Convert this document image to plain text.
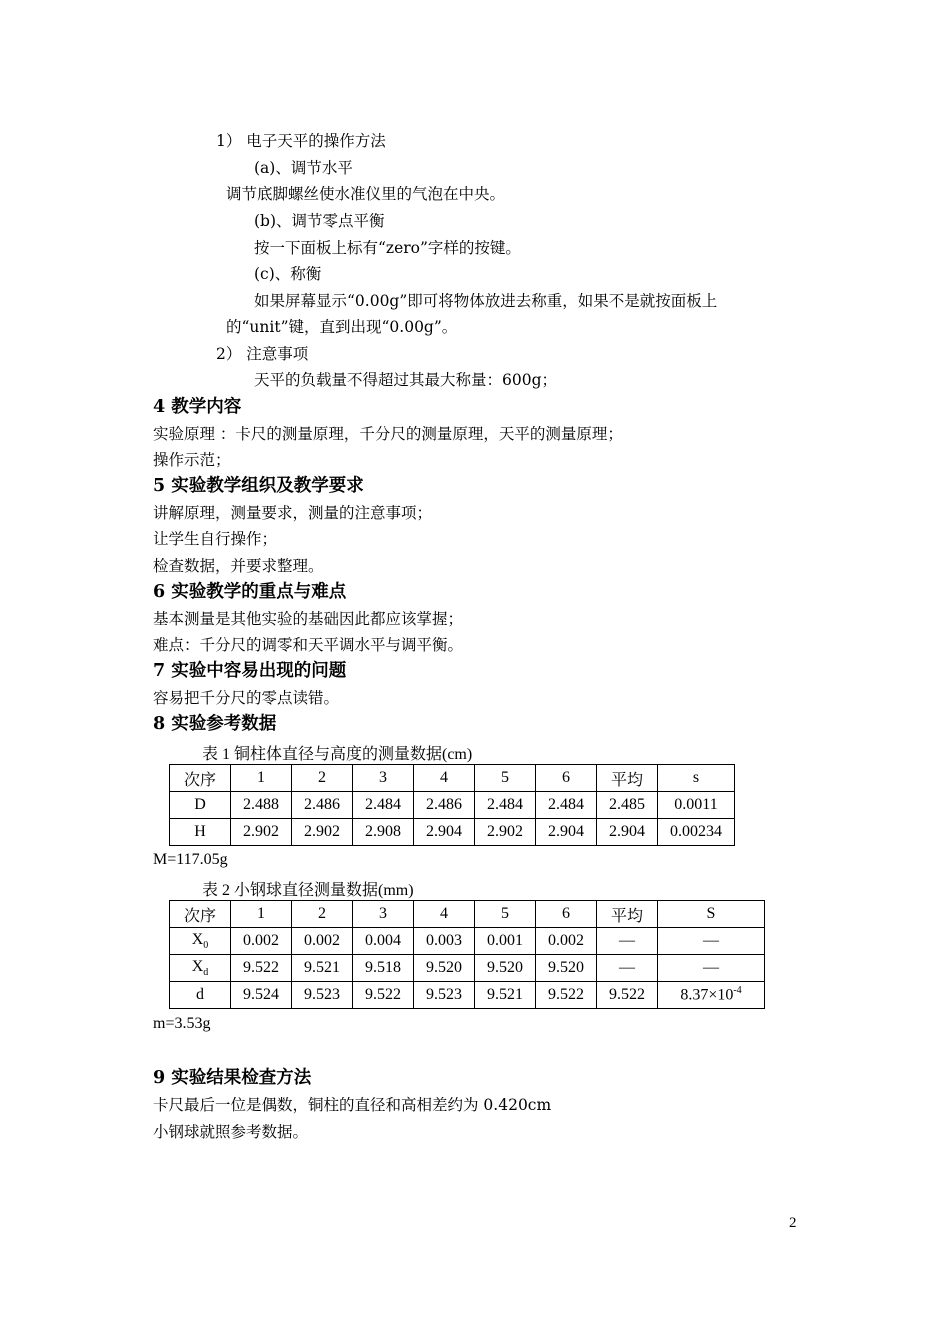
1） 电子天平的操作方法
(a)、调节水平
调节底脚螺丝使水准仪里的气泡在中央。
(b)、调节零点平衡
按一下面板上标有“zero”字样的按键。
(c)、称衡
如果屏幕显示“0.00g”即可将物体放进去称重，如果不是就按面板上
的“unit”键，直到出现“0.00g”。
2） 注意事项
天平的负载量不得超过其最大称量：600g；
4 教学内容
实验原理 ：卡尺的测量原理，千分尺的测量原理，天平的测量原理；
操作示范；
5 实验教学组织及教学要求
讲解原理，测量要求，测量的注意事项；
让学生自行操作；
检查数据，并要求整理。
6 实验教学的重点与难点
基本测量是其他实验的基础因此都应该掌握；
难点：千分尺的调零和天平调水平与调平衡。
7 实验中容易出现的问题
容易把千分尺的零点读错。
8 实验参考数据
表 1 铜柱体直径与高度的测量数据(cm)
次序	1	2	3	4	5	6	平均	s
D	2.488	2.486	2.484	2.486	2.484	2.484	2.485	0.0011
H	2.902	2.902	2.908	2.904	2.902	2.904	2.904	0.00234
M=117.05g
表 2 小钢球直径测量数据(mm)
次序	1	2	3	4	5	6	平均	S
$X_0$	0.002	0.002	0.004	0.003	0.001	0.002	—	—
$X_d$	9.522	9.521	9.518	9.520	9.520	9.520	—	—
d	9.524	9.523	9.522	9.523	9.521	9.522	9.522	$8.37\times 10^{-4}$
m=3.53g
9 实验结果检查方法
卡尺最后一位是偶数，铜柱的直径和高相差约为 0.420cm
小钢球就照参考数据。
2
